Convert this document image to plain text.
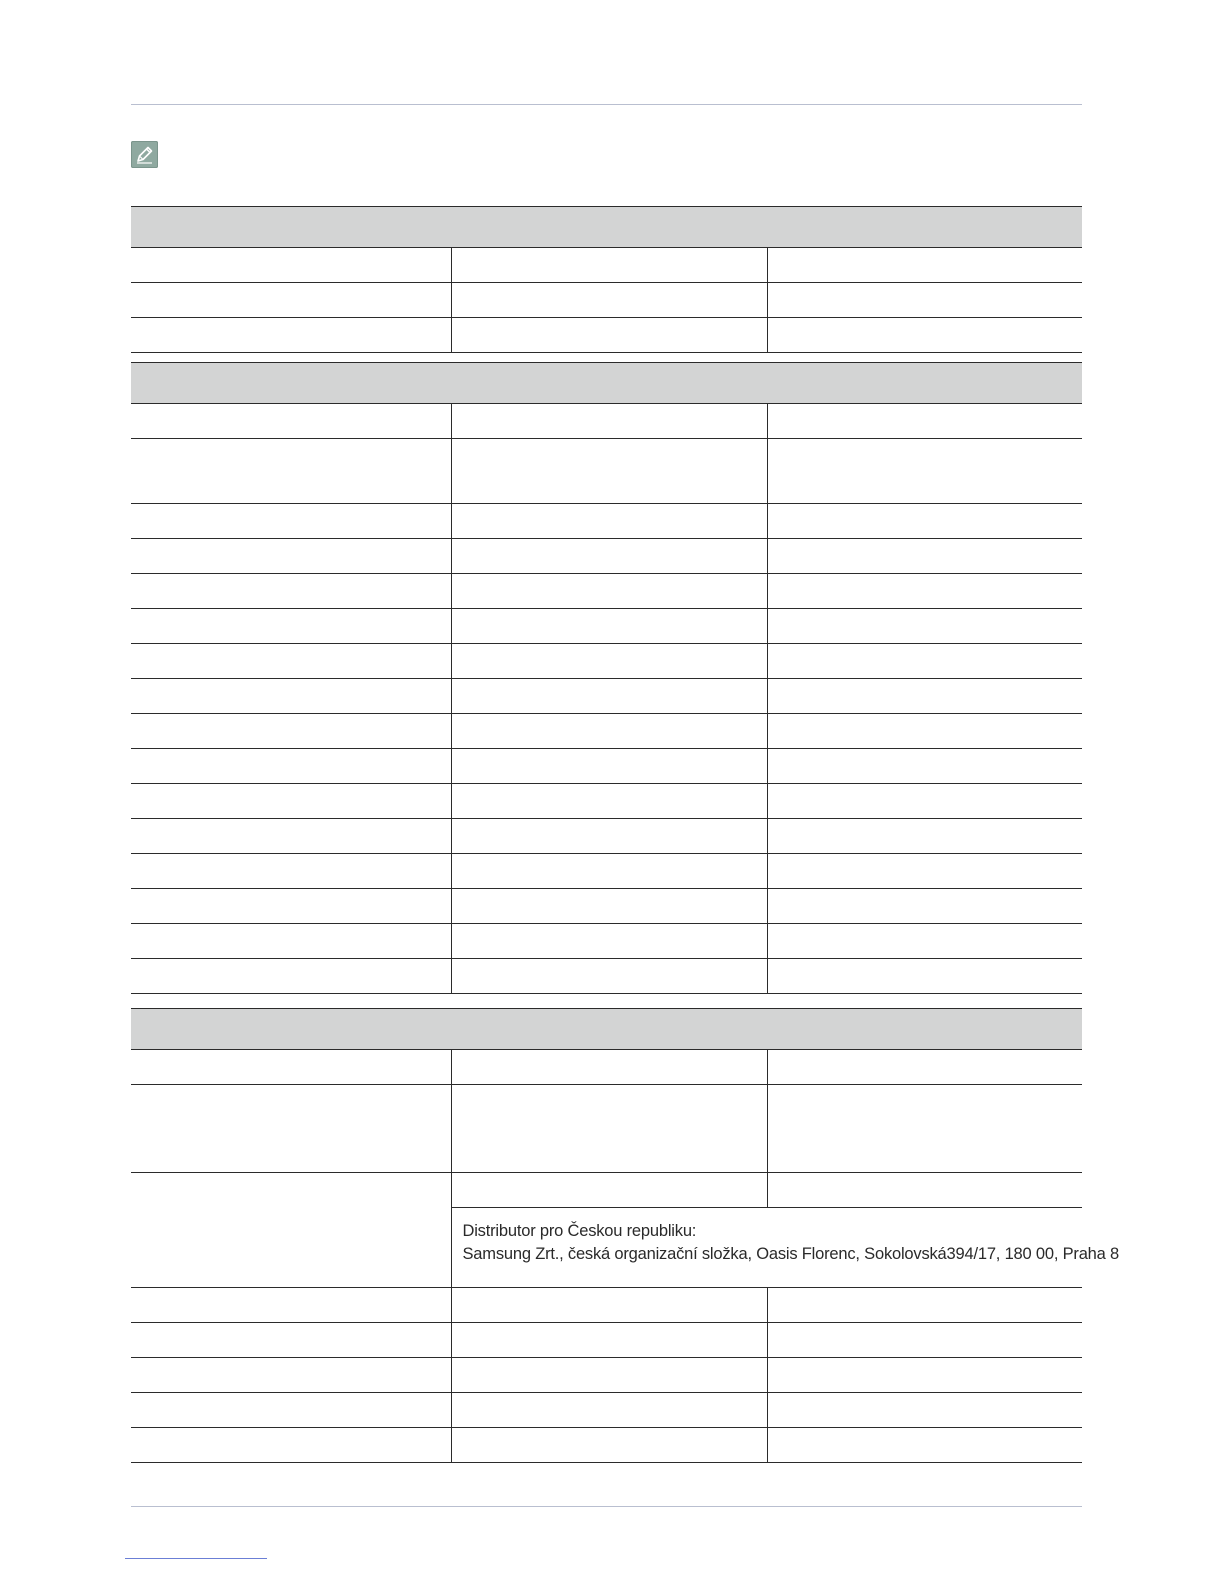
	Distributor pro Českou republiku:
Samsung Zrt., česká organizační složka, Oasis Florenc, Sokolovská394/17, 180 00, Praha 8	
